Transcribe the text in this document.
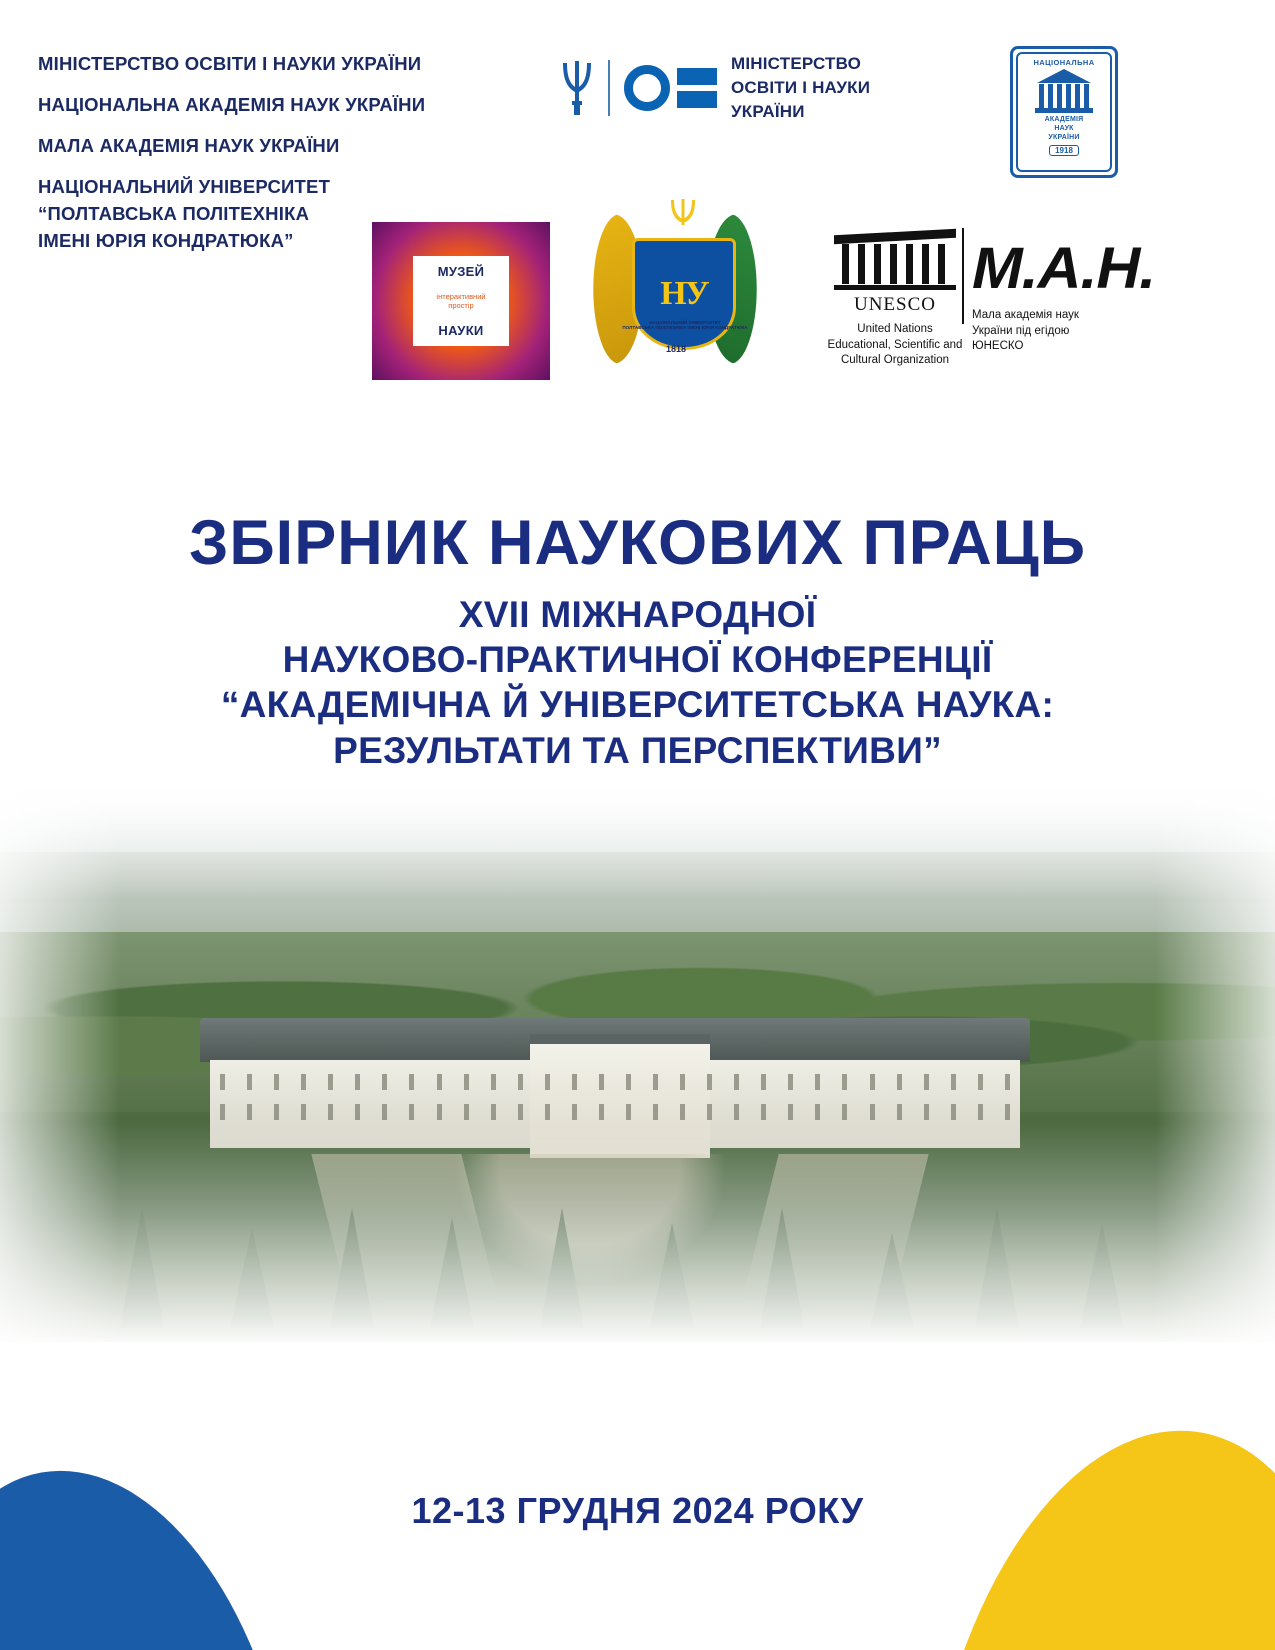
МІНІСТЕРСТВО ОСВІТИ І НАУКИ УКРАЇНИ
НАЦІОНАЛЬНА АКАДЕМІЯ НАУК УКРАЇНИ
МАЛА АКАДЕМІЯ НАУК УКРАЇНИ
НАЦІОНАЛЬНИЙ УНІВЕРСИТЕТ
“ПОЛТАВСЬКА ПОЛІТЕХНІКА
ІМЕНІ ЮРІЯ КОНДРАТЮКА”
МІНІСТЕРСТВО
ОСВІТИ І НАУКИ
УКРАЇНИ
НАЦІОНАЛЬНА
АКАДЕМІЯ
НАУК
УКРАЇНИ
1918
МУЗЕЙ
інтерактивний
простір
НАУКИ
НУ
НАЦІОНАЛЬНИЙ УНІВЕРСИТЕТ
ПОЛТАВСЬКА ПОЛІТЕХНІКА ІМЕНІ ЮРІЯ КОНДРАТЮКА
1818
UNESCO
United Nations
Educational, Scientific and
Cultural Organization
М.А.Н.
Мала академія наук
України під егідою
ЮНЕСКО
ЗБІРНИК НАУКОВИХ ПРАЦЬ
XVII МІЖНАРОДНОЇ
НАУКОВО-ПРАКТИЧНОЇ КОНФЕРЕНЦІЇ
“АКАДЕМІЧНА Й УНІВЕРСИТЕТСЬКА НАУКА:
РЕЗУЛЬТАТИ ТА ПЕРСПЕКТИВИ”
12-13 ГРУДНЯ 2024 РОКУ
